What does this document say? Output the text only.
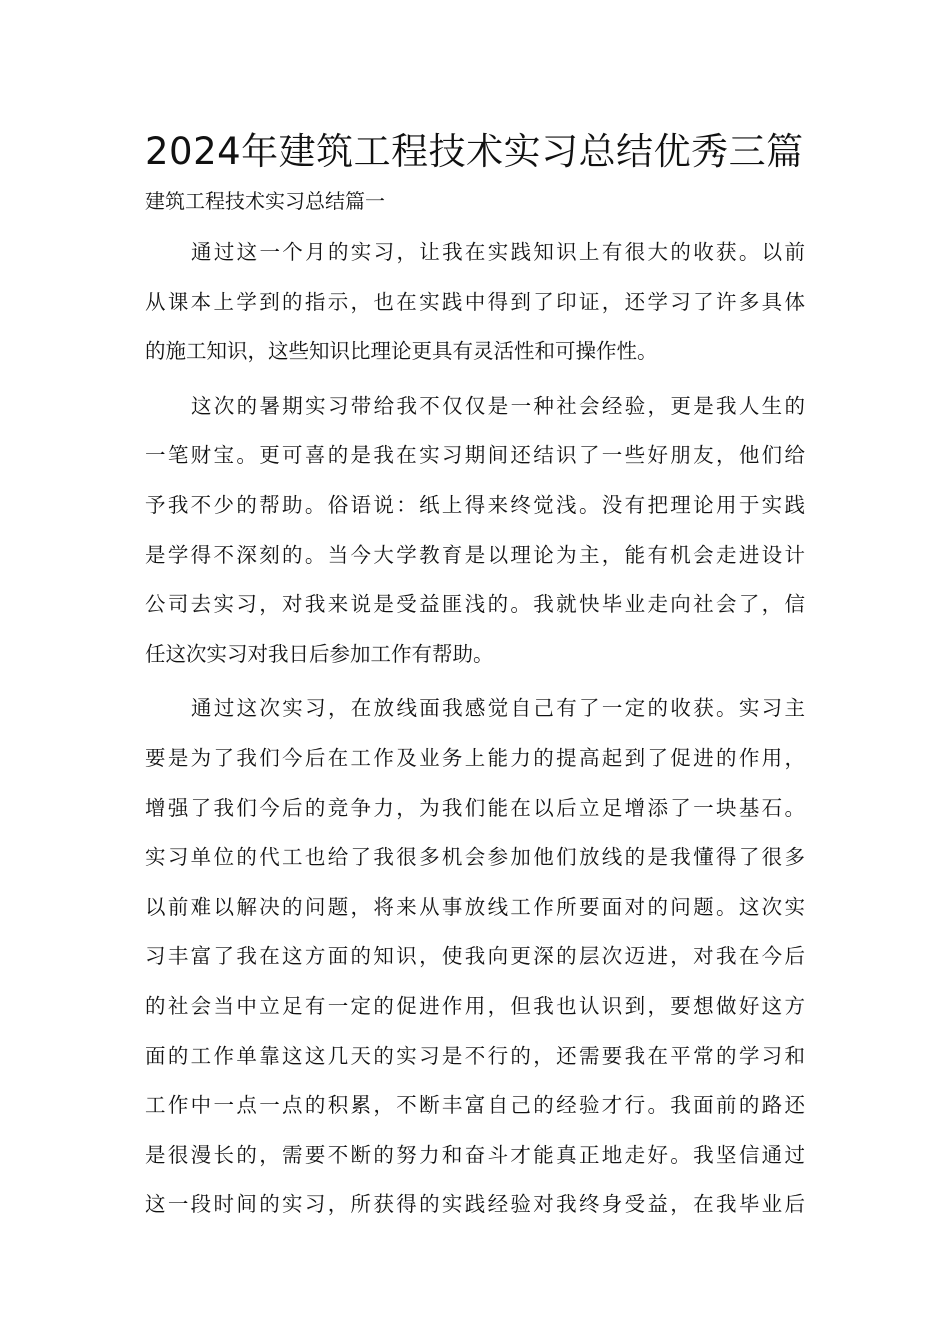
2024年建筑工程技术实习总结优秀三篇

建筑工程技术实习总结篇一

通过这一个月的实习，让我在实践知识上有很大的收获。以前
从课本上学到的指示，也在实践中得到了印证，还学习了许多具体
的施工知识，这些知识比理论更具有灵活性和可操作性。
这次的暑期实习带给我不仅仅是一种社会经验，更是我人生的
一笔财宝。更可喜的是我在实习期间还结识了一些好朋友，他们给
予我不少的帮助。俗语说：纸上得来终觉浅。没有把理论用于实践
是学得不深刻的。当今大学教育是以理论为主，能有机会走进设计
公司去实习，对我来说是受益匪浅的。我就快毕业走向社会了，信
任这次实习对我日后参加工作有帮助。
通过这次实习，在放线面我感觉自己有了一定的收获。实习主
要是为了我们今后在工作及业务上能力的提高起到了促进的作用，
增强了我们今后的竞争力，为我们能在以后立足增添了一块基石。
实习单位的代工也给了我很多机会参加他们放线的是我懂得了很多
以前难以解决的问题，将来从事放线工作所要面对的问题。这次实
习丰富了我在这方面的知识，使我向更深的层次迈进，对我在今后
的社会当中立足有一定的促进作用，但我也认识到，要想做好这方
面的工作单靠这这几天的实习是不行的，还需要我在平常的学习和
工作中一点一点的积累，不断丰富自己的经验才行。我面前的路还
是很漫长的，需要不断的努力和奋斗才能真正地走好。我坚信通过
这一段时间的实习，所获得的实践经验对我终身受益，在我毕业后
